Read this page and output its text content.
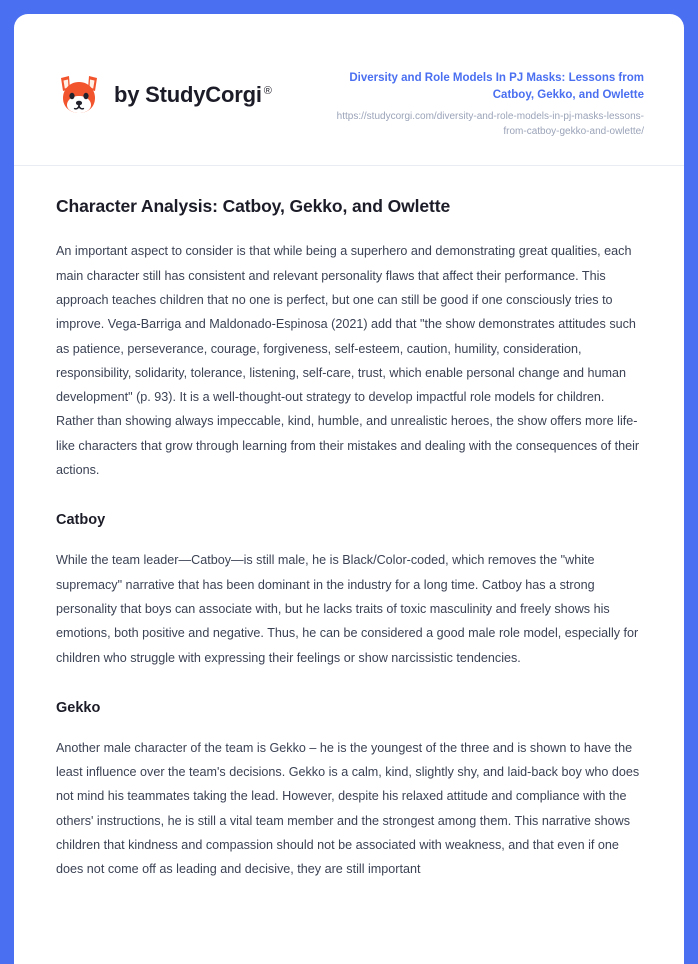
by StudyCorgi ®

Diversity and Role Models In PJ Masks: Lessons from Catboy, Gekko, and Owlette

https://studycorgi.com/diversity-and-role-models-in-pj-masks-lessons-from-catboy-gekko-and-owlette/

Character Analysis: Catboy, Gekko, and Owlette

An important aspect to consider is that while being a superhero and demonstrating great qualities, each main character still has consistent and relevant personality flaws that affect their performance. This approach teaches children that no one is perfect, but one can still be good if one consciously tries to improve. Vega-Barriga and Maldonado-Espinosa (2021) add that "the show demonstrates attitudes such as patience, perseverance, courage, forgiveness, self-esteem, caution, humility, consideration, responsibility, solidarity, tolerance, listening, self-care, trust, which enable personal change and human development" (p. 93). It is a well-thought-out strategy to develop impactful role models for children. Rather than showing always impeccable, kind, humble, and unrealistic heroes, the show offers more life-like characters that grow through learning from their mistakes and dealing with the consequences of their actions.

Catboy

While the team leader—Catboy—is still male, he is Black/Color-coded, which removes the "white supremacy" narrative that has been dominant in the industry for a long time. Catboy has a strong personality that boys can associate with, but he lacks traits of toxic masculinity and freely shows his emotions, both positive and negative. Thus, he can be considered a good male role model, especially for children who struggle with expressing their feelings or show narcissistic tendencies.

Gekko

Another male character of the team is Gekko – he is the youngest of the three and is shown to have the least influence over the team's decisions. Gekko is a calm, kind, slightly shy, and laid-back boy who does not mind his teammates taking the lead. However, despite his relaxed attitude and compliance with the others' instructions, he is still a vital team member and the strongest among them. This narrative shows children that kindness and compassion should not be associated with weakness, and that even if one does not come off as leading and decisive, they are still important
